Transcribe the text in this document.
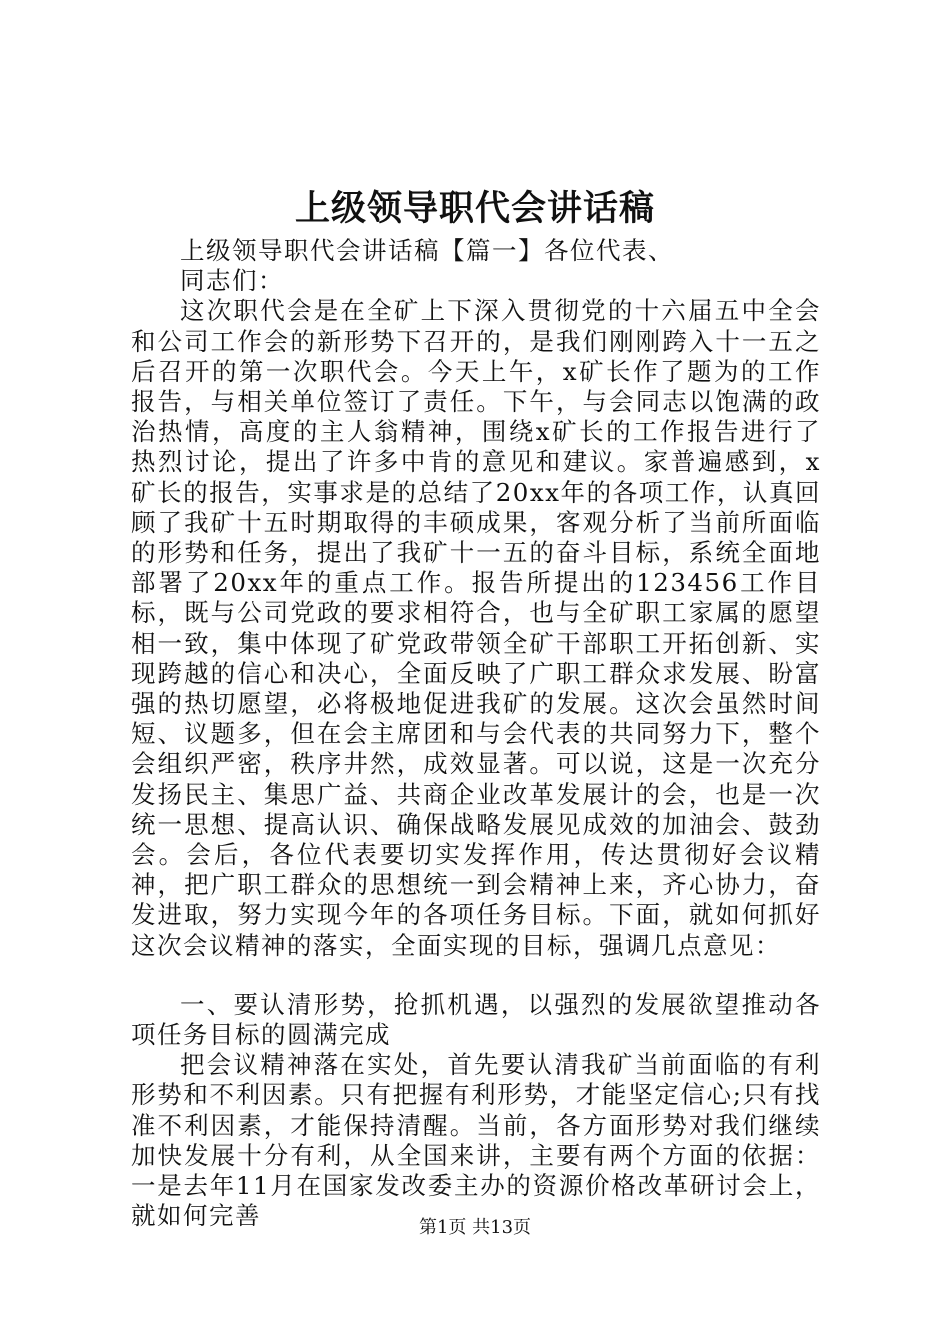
上级领导职代会讲话稿

上级领导职代会讲话稿【篇一】各位代表、

同志们：

这次职代会是在全矿上下深入贯彻党的十六届五中全会和公司工作会的新形势下召开的，是我们刚刚跨入十一五之后召开的第一次职代会。今天上午，x矿长作了题为的工作报告，与相关单位签订了责任。下午，与会同志以饱满的政治热情，高度的主人翁精神，围绕x矿长的工作报告进行了热烈讨论，提出了许多中肯的意见和建议。家普遍感到，x矿长的报告，实事求是的总结了20xx年的各项工作，认真回顾了我矿十五时期取得的丰硕成果，客观分析了当前所面临的形势和任务，提出了我矿十一五的奋斗目标，系统全面地部署了20xx年的重点工作。报告所提出的123456工作目标，既与公司党政的要求相符合，也与全矿职工家属的愿望相一致，集中体现了矿党政带领全矿干部职工开拓创新、实现跨越的信心和决心，全面反映了广职工群众求发展、盼富强的热切愿望，必将极地促进我矿的发展。这次会虽然时间短、议题多，但在会主席团和与会代表的共同努力下，整个会组织严密，秩序井然，成效显著。可以说，这是一次充分发扬民主、集思广益、共商企业改革发展计的会，也是一次统一思想、提高认识、确保战略发展见成效的加油会、鼓劲会。会后，各位代表要切实发挥作用，传达贯彻好会议精神，把广职工群众的思想统一到会精神上来，齐心协力，奋发进取，努力实现今年的各项任务目标。下面，就如何抓好这次会议精神的落实，全面实现的目标，强调几点意见：

一、要认清形势，抢抓机遇，以强烈的发展欲望推动各项任务目标的圆满完成

把会议精神落在实处，首先要认清我矿当前面临的有利形势和不利因素。只有把握有利形势，才能坚定信心;只有找准不利因素，才能保持清醒。当前，各方面形势对我们继续加快发展十分有利，从全国来讲，主要有两个方面的依据：一是去年11月在国家发改委主办的资源价格改革研讨会上，就如何完善	第1页 共13页
